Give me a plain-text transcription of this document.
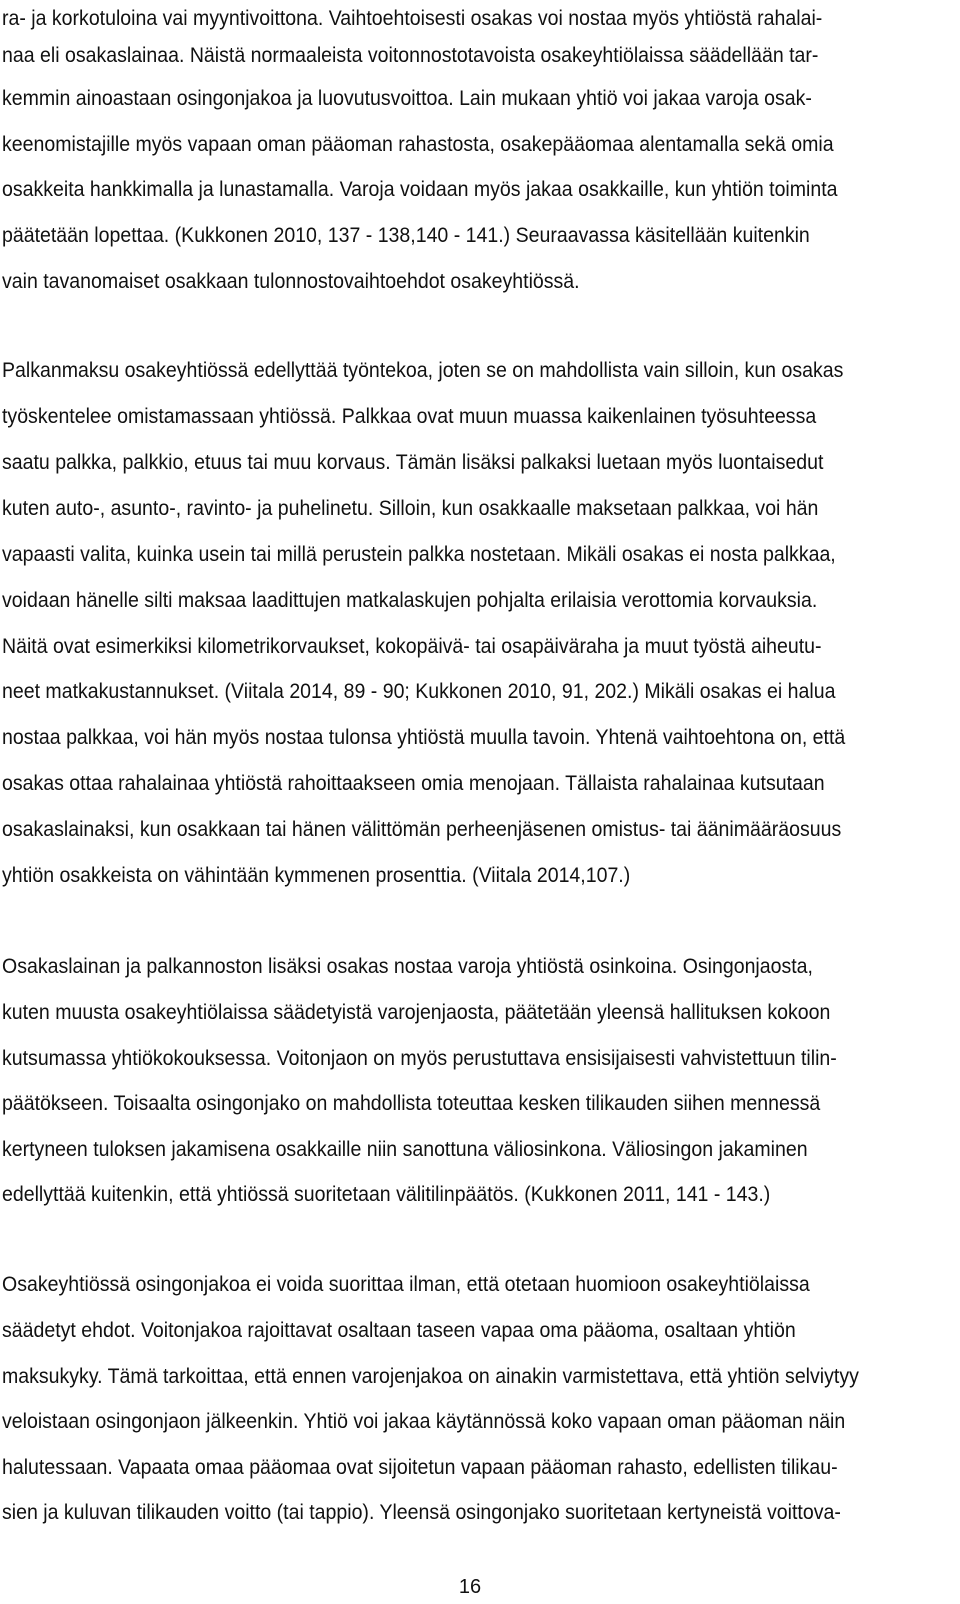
ra- ja korkotuloina vai myyntivoittona. Vaihtoehtoisesti osakas voi nostaa myös yhtiöstä rahalai-
naa eli osakaslainaa. Näistä normaaleista voitonnostotavoista osakeyhtiölaissa säädellään tar-
kemmin ainoastaan osingonjakoa ja luovutusvoittoa. Lain mukaan yhtiö voi jakaa varoja osak-
keenomistajille myös vapaan oman pääoman rahastosta, osakepääomaa alentamalla sekä omia
osakkeita hankkimalla ja lunastamalla. Varoja voidaan myös jakaa osakkaille, kun yhtiön toiminta
päätetään lopettaa. (Kukkonen 2010, 137 - 138,140 - 141.) Seuraavassa käsitellään kuitenkin
vain tavanomaiset osakkaan tulonnostovaihtoehdot osakeyhtiössä.
Palkanmaksu osakeyhtiössä edellyttää työntekoa, joten se on mahdollista vain silloin, kun osakas
työskentelee omistamassaan yhtiössä. Palkkaa ovat muun muassa kaikenlainen työsuhteessa
saatu palkka, palkkio, etuus tai muu korvaus. Tämän lisäksi palkaksi luetaan myös luontaisedut
kuten auto-, asunto-, ravinto- ja puhelinetu. Silloin, kun osakkaalle maksetaan palkkaa, voi hän
vapaasti valita, kuinka usein tai millä perustein palkka nostetaan. Mikäli osakas ei nosta palkkaa,
voidaan hänelle silti maksaa laadittujen matkalaskujen pohjalta erilaisia verottomia korvauksia.
Näitä ovat esimerkiksi kilometrikorvaukset, kokopäivä- tai osapäiväraha ja muut työstä aiheutu-
neet matkakustannukset. (Viitala 2014, 89 - 90; Kukkonen 2010, 91, 202.) Mikäli osakas ei halua
nostaa palkkaa, voi hän myös nostaa tulonsa yhtiöstä muulla tavoin. Yhtenä vaihtoehtona on, että
osakas ottaa rahalainaa yhtiöstä rahoittaakseen omia menojaan. Tällaista rahalainaa kutsutaan
osakaslainaksi, kun osakkaan tai hänen välittömän perheenjäsenen omistus- tai äänimääräosuus
yhtiön osakkeista on vähintään kymmenen prosenttia. (Viitala 2014,107.)
Osakaslainan ja palkannoston lisäksi osakas nostaa varoja yhtiöstä osinkoina. Osingonjaosta,
kuten muusta osakeyhtiölaissa säädetyistä varojenjaosta, päätetään yleensä hallituksen kokoon
kutsumassa yhtiökokouksessa. Voitonjaon on myös perustuttava ensisijaisesti vahvistettuun tilin-
päätökseen. Toisaalta osingonjako on mahdollista toteuttaa kesken tilikauden siihen mennessä
kertyneen tuloksen jakamisena osakkaille niin sanottuna väliosinkona. Väliosingon jakaminen
edellyttää kuitenkin, että yhtiössä suoritetaan välitilinpäätös. (Kukkonen 2011, 141 - 143.)
Osakeyhtiössä osingonjakoa ei voida suorittaa ilman, että otetaan huomioon osakeyhtiölaissa
säädetyt ehdot. Voitonjakoa rajoittavat osaltaan taseen vapaa oma pääoma, osaltaan yhtiön
maksukyky. Tämä tarkoittaa, että ennen varojenjakoa on ainakin varmistettava, että yhtiön selviytyy
veloistaan osingonjaon jälkeenkin. Yhtiö voi jakaa käytännössä koko vapaan oman pääoman näin
halutessaan. Vapaata omaa pääomaa ovat sijoitetun vapaan pääoman rahasto, edellisten tilikau-
sien ja kuluvan tilikauden voitto (tai tappio). Yleensä osingonjako suoritetaan kertyneistä voittova-
16
